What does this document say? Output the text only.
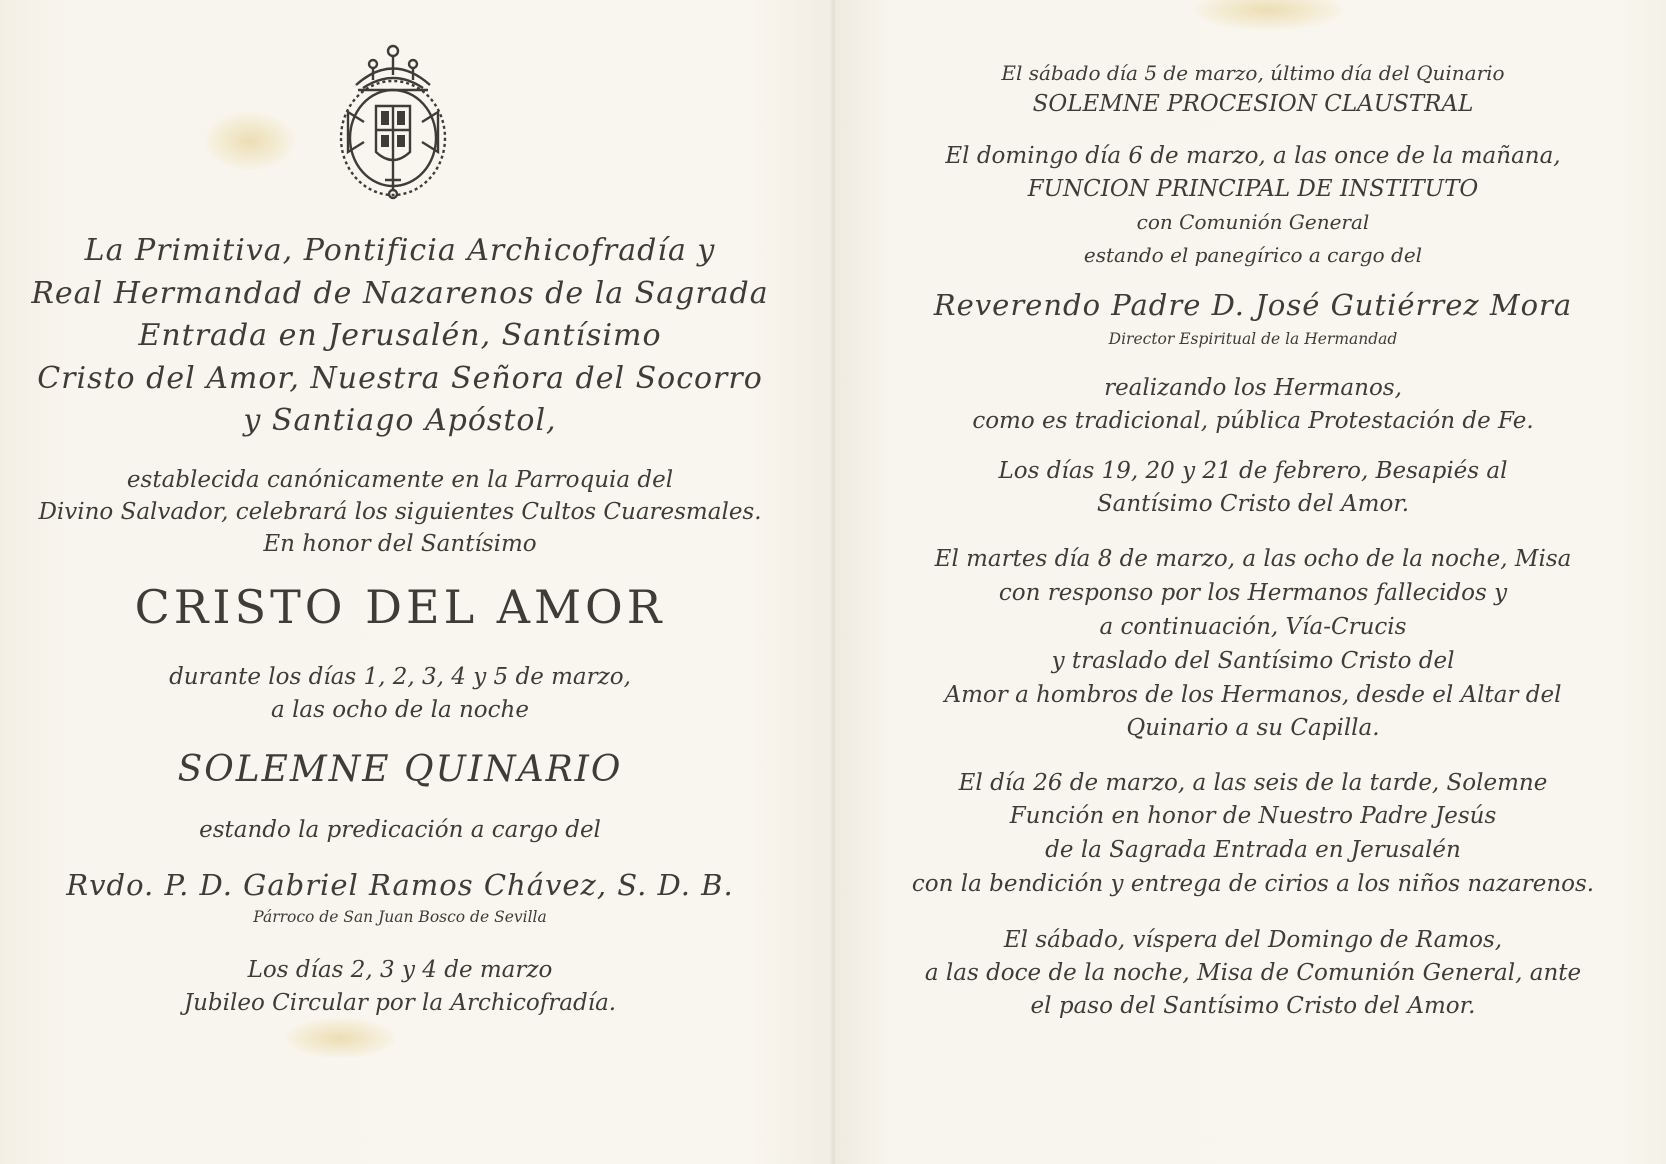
La Primitiva, Pontificia Archicofradía y
Real Hermandad de Nazarenos de la Sagrada
Entrada en Jerusalén, Santísimo
Cristo del Amor, Nuestra Señora del Socorro
y Santiago Apóstol,
establecida canónicamente en la Parroquia del
Divino Salvador, celebrará los siguientes Cultos Cuaresmales.
En honor del Santísimo
CRISTO DEL AMOR
durante los días 1, 2, 3, 4 y 5 de marzo,
a las ocho de la noche
SOLEMNE QUINARIO
estando la predicación a cargo del
Rvdo. P. D. Gabriel Ramos Chávez, S. D. B.
Párroco de San Juan Bosco de Sevilla
Los días 2, 3 y 4 de marzo
Jubileo Circular por la Archicofradía.
El sábado día 5 de marzo, último día del Quinario
SOLEMNE PROCESION CLAUSTRAL
El domingo día 6 de marzo, a las once de la mañana,
FUNCION PRINCIPAL DE INSTITUTO
con Comunión General
estando el panegírico a cargo del
Reverendo Padre D. José Gutiérrez Mora
Director Espiritual de la Hermandad
realizando los Hermanos,
como es tradicional, pública Protestación de Fe.
Los días 19, 20 y 21 de febrero, Besapiés al
Santísimo Cristo del Amor.
El martes día 8 de marzo, a las ocho de la noche, Misa
con responso por los Hermanos fallecidos y
a continuación, Vía-Crucis
y traslado del Santísimo Cristo del
Amor a hombros de los Hermanos, desde el Altar del
Quinario a su Capilla.
El día 26 de marzo, a las seis de la tarde, Solemne
Función en honor de Nuestro Padre Jesús
de la Sagrada Entrada en Jerusalén
con la bendición y entrega de cirios a los niños nazarenos.
El sábado, víspera del Domingo de Ramos,
a las doce de la noche, Misa de Comunión General, ante
el paso del Santísimo Cristo del Amor.
